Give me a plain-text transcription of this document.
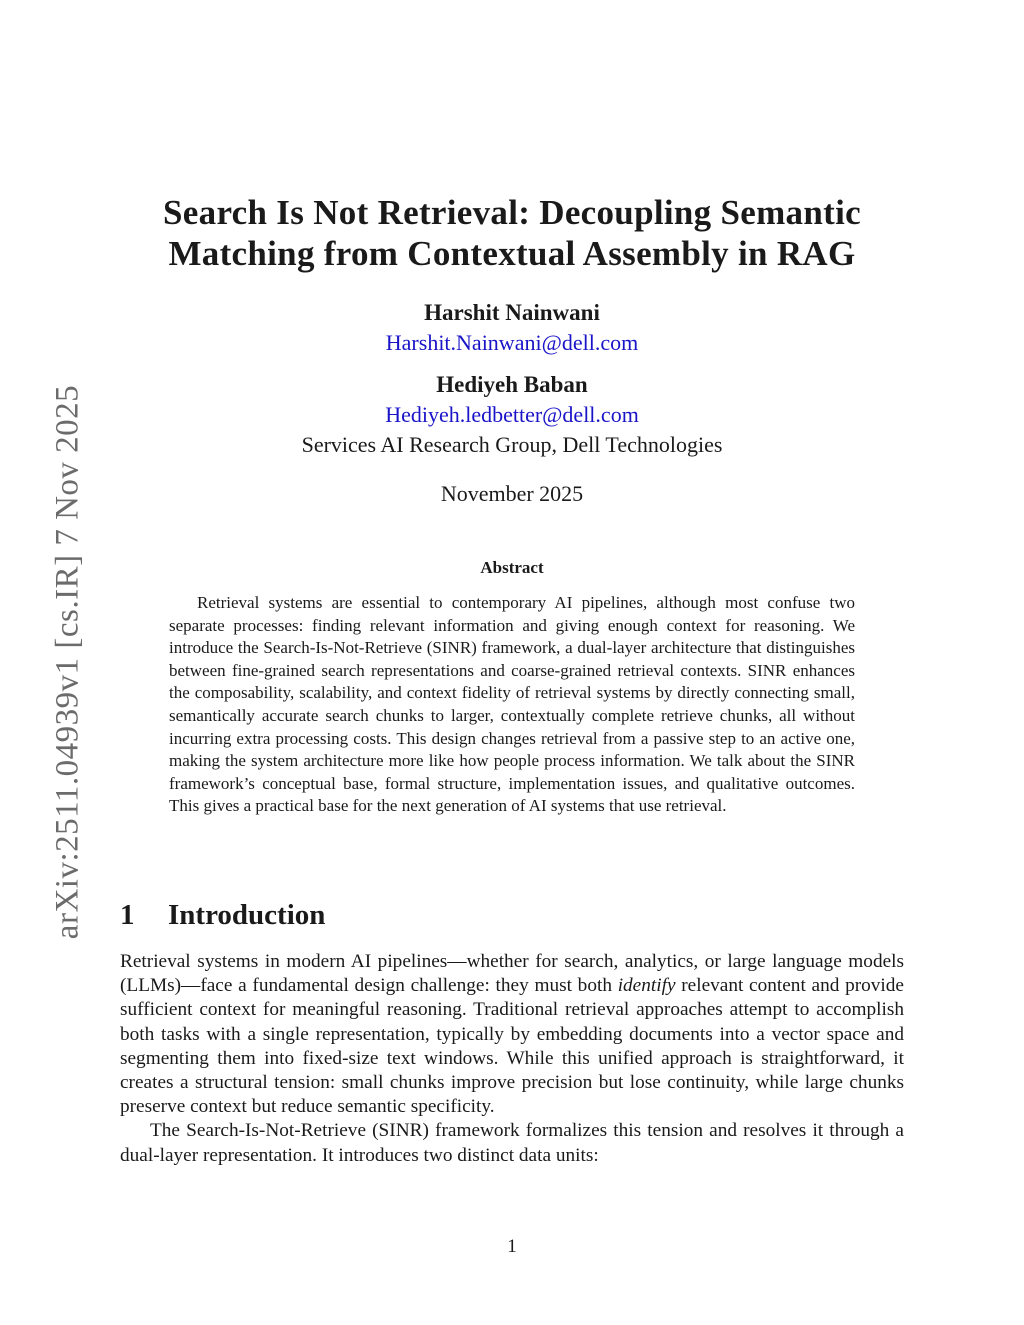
arXiv:2511.04939v1 [cs.IR] 7 Nov 2025
Search Is Not Retrieval: Decoupling Semantic
Matching from Contextual Assembly in RAG
Harshit Nainwani
Harshit.Nainwani@dell.com
Hediyeh Baban
Hediyeh.ledbetter@dell.com
Services AI Research Group, Dell Technologies
November 2025
Abstract
Retrieval systems are essential to contemporary AI pipelines, although most confuse two separate processes: finding relevant information and giving enough context for reasoning. We introduce the Search-Is-Not-Retrieve (SINR) framework, a dual-layer architecture that distinguishes between fine-grained search representations and coarse-grained retrieval contexts. SINR enhances the composability, scalability, and context fidelity of retrieval systems by directly connecting small, semantically accurate search chunks to larger, contextually complete retrieve chunks, all without incurring extra processing costs. This design changes retrieval from a passive step to an active one, making the system architecture more like how people process information. We talk about the SINR framework’s conceptual base, formal structure, implementation issues, and qualitative outcomes. This gives a practical base for the next generation of AI systems that use retrieval.
1 Introduction

Retrieval systems in modern AI pipelines—whether for search, analytics, or large language models (LLMs)—face a fundamental design challenge: they must both identify relevant content and provide sufficient context for meaningful reasoning. Traditional retrieval approaches attempt to accomplish both tasks with a single representation, typically by embedding documents into a vector space and segmenting them into fixed-size text windows. While this unified approach is straightforward, it creates a structural tension: small chunks improve precision but lose continuity, while large chunks preserve context but reduce semantic specificity.

The Search-Is-Not-Retrieve (SINR) framework formalizes this tension and resolves it through a dual-layer representation. It introduces two distinct data units:

1
